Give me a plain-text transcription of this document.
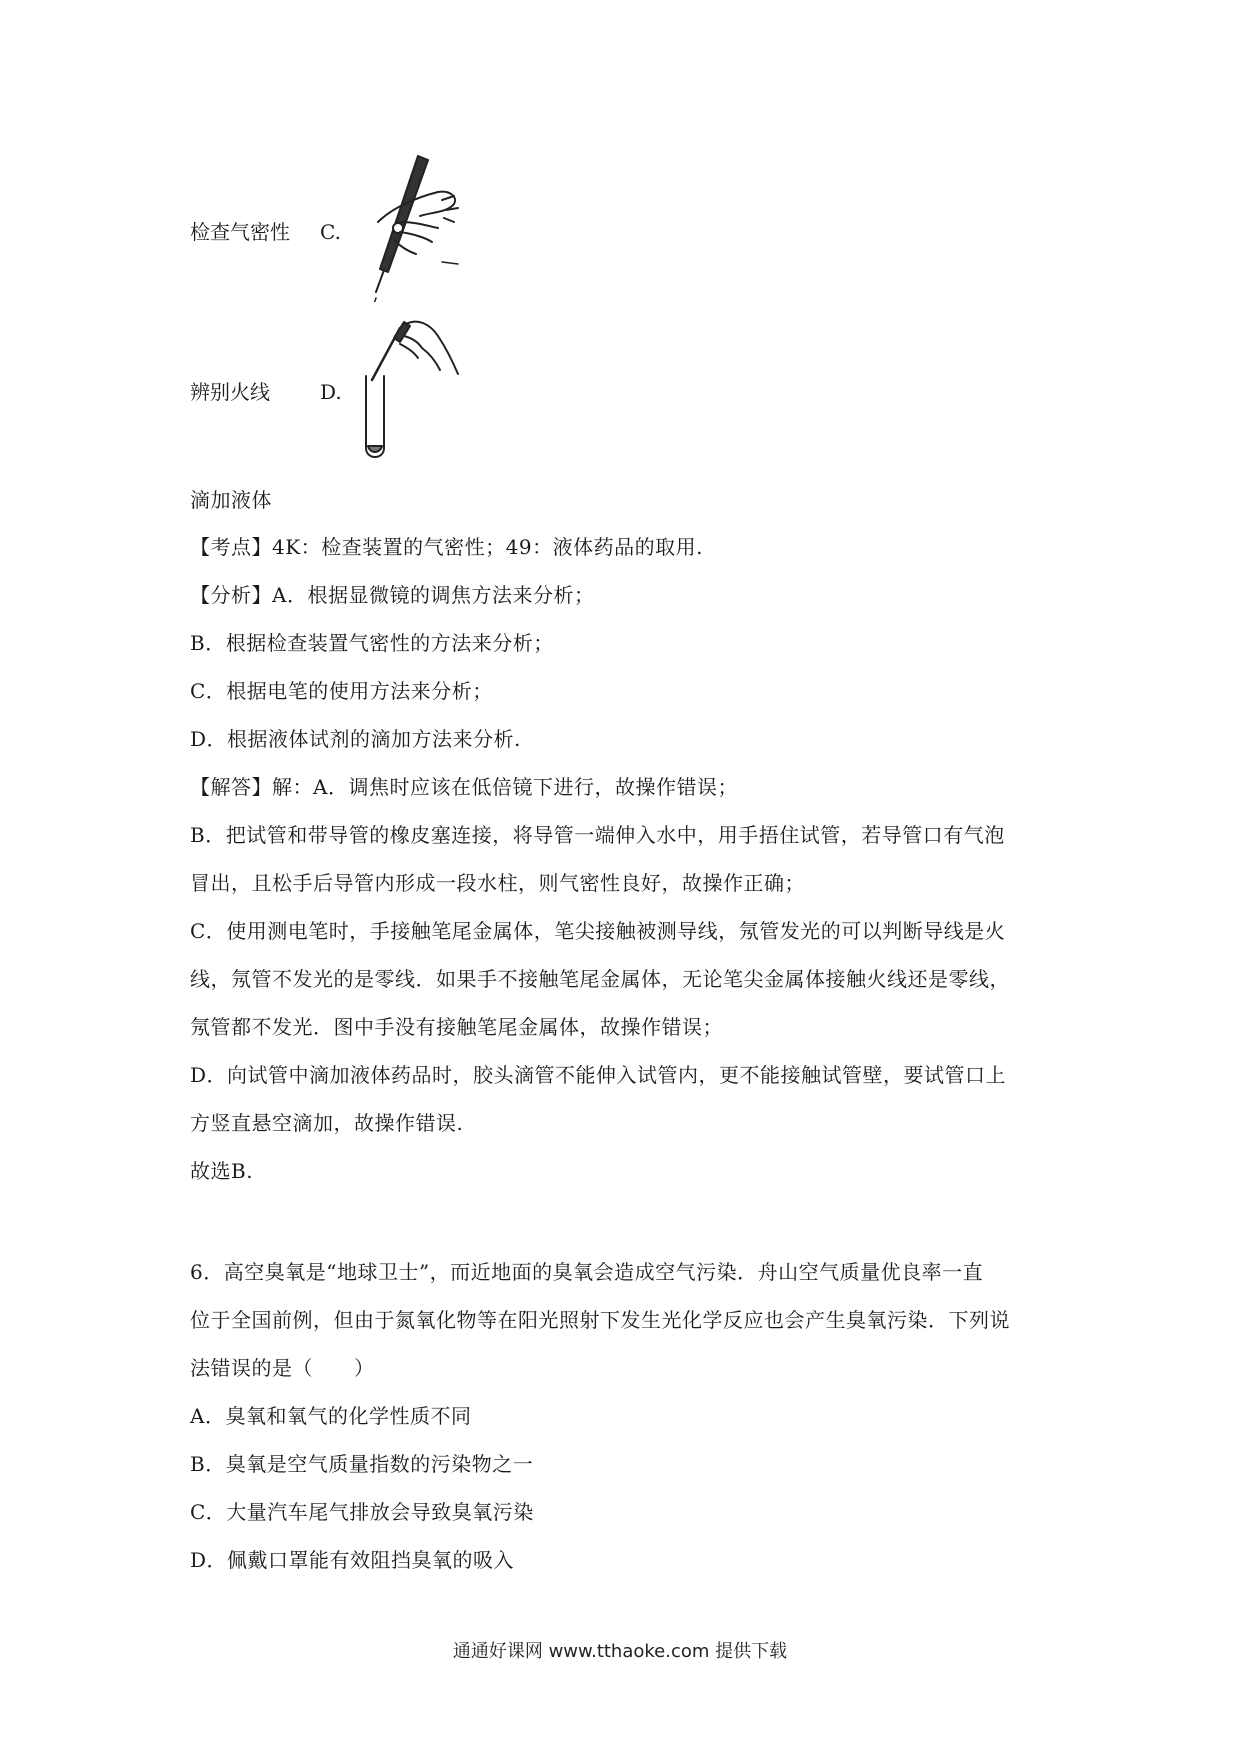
检查气密性 C.
辨别火线	D.
滴加液体
【考点】4K：检查装置的气密性；49：液体药品的取用.
【分析】A．根据显微镜的调焦方法来分析；
B．根据检查装置气密性的方法来分析；
C．根据电笔的使用方法来分析；
D．根据液体试剂的滴加方法来分析.
【解答】解：A．调焦时应该在低倍镜下进行，故操作错误；
B．把试管和带导管的橡皮塞连接，将导管一端伸入水中，用手捂住试管，若导管口有气泡
冒出，且松手后导管内形成一段水柱，则气密性良好，故操作正确；
C．使用测电笔时，手接触笔尾金属体，笔尖接触被测导线，氖管发光的可以判断导线是火
线，氖管不发光的是零线．如果手不接触笔尾金属体，无论笔尖金属体接触火线还是零线，
氖管都不发光．图中手没有接触笔尾金属体，故操作错误；
D．向试管中滴加液体药品时，胶头滴管不能伸入试管内，更不能接触试管壁，要试管口上
方竖直悬空滴加，故操作错误.
故选B.
6．高空臭氧是“地球卫士”，而近地面的臭氧会造成空气污染．舟山空气质量优良率一直
位于全国前例，但由于氮氧化物等在阳光照射下发生光化学反应也会产生臭氧污染．下列说
法错误的是（　　）
A．臭氧和氧气的化学性质不同
B．臭氧是空气质量指数的污染物之一
C．大量汽车尾气排放会导致臭氧污染
D．佩戴口罩能有效阻挡臭氧的吸入
通通好课网 www.tthaoke.com 提供下载
